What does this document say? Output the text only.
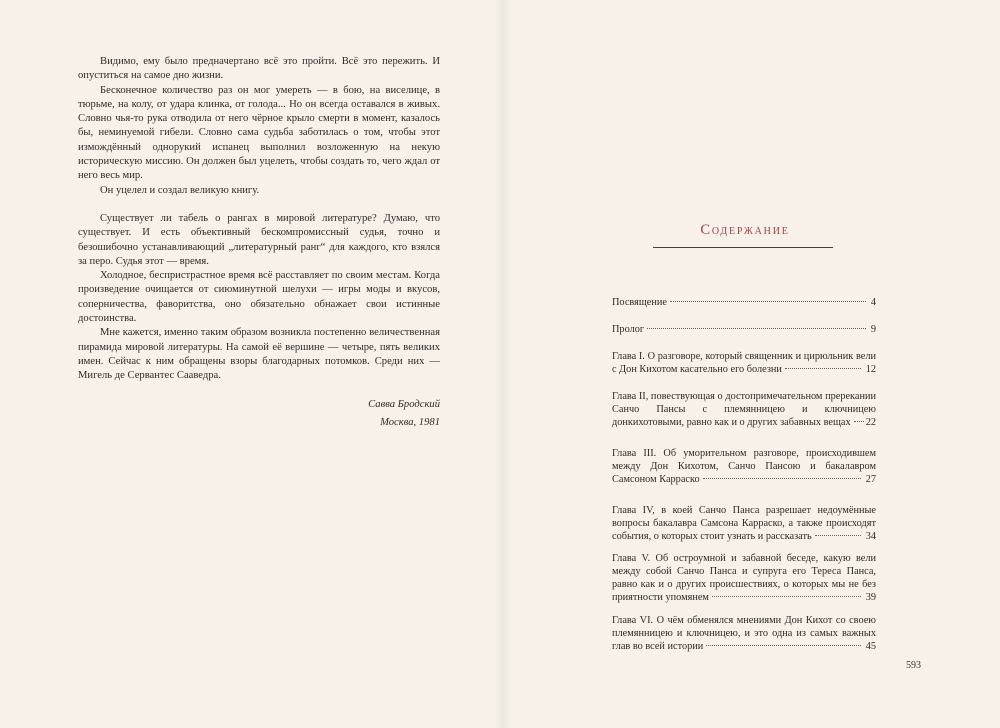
Видимо, ему было предначертано всё это пройти. Всё это пережить. И опуститься на самое дно жизни.

Бесконечное количество раз он мог умереть — в бою, на виселице, в тюрьме, на колу, от удара клинка, от голода... Но он всегда оставался в живых. Словно чья-то рука отводила от него чёрное крыло смерти в момент, казалось бы, неминуемой гибели. Словно сама судьба заботилась о том, чтобы этот измождённый однорукий испанец выполнил возложенную на некую историческую миссию. Он должен был уцелеть, чтобы создать то, чего ждал от него весь мир.

Он уцелел и создал великую книгу.

Существует ли табель о рангах в мировой литературе? Думаю, что существует. И есть объективный бескомпромиссный судья, точно и безошибочно устанавливающий „литературный ранг“ для каждого, кто взялся за перо. Судья этот — время.

Холодное, беспристрастное время всё расставляет по своим местам. Когда произведение очищается от сиюминутной шелухи — игры моды и вкусов, соперничества, фаворитства, оно обязательно обнажает свои истинные достоинства.

Мне кажется, именно таким образом возникла постепенно величественная пирамида мировой литературы. На самой её вершине — четыре, пять великих имен. Сейчас к ним обращены взоры благодарных потомков. Среди них — Мигель де Сервантес Сааведра.

Савва Бродский
Москва, 1981
Содержание
Посвящение	4
Пролог	9
Глава I. О разговоре, который священник и цирюльник вели с Дон Кихотом касательно его болезни	12
Глава II, повествующая о достопримечательном пререкании Санчо Пансы с племянницею и ключницею донкихотовыми, равно как и о других забавных вещах 22
Глава III. Об уморительном разговоре, происходившем между Дон Кихотом, Санчо Пансою и бакалавром Самсоном Карраско	27
Глава IV, в коей Санчо Панса разрешает недоумённые вопросы бакалавра Самсона Карраско, а также происходят события, о которых стоит узнать и рассказать	34
Глава V. Об остроумной и забавной беседе, какую вели между собой Санчо Панса и супруга его Тереса Панса, равно как и о других происшествиях, о которых мы не без приятности упомянем	39
Глава VI. О чём обменялся мнениями Дон Кихот со своею племянницею и ключницею, и это одна из самых важных глав во всей истории	45
593
